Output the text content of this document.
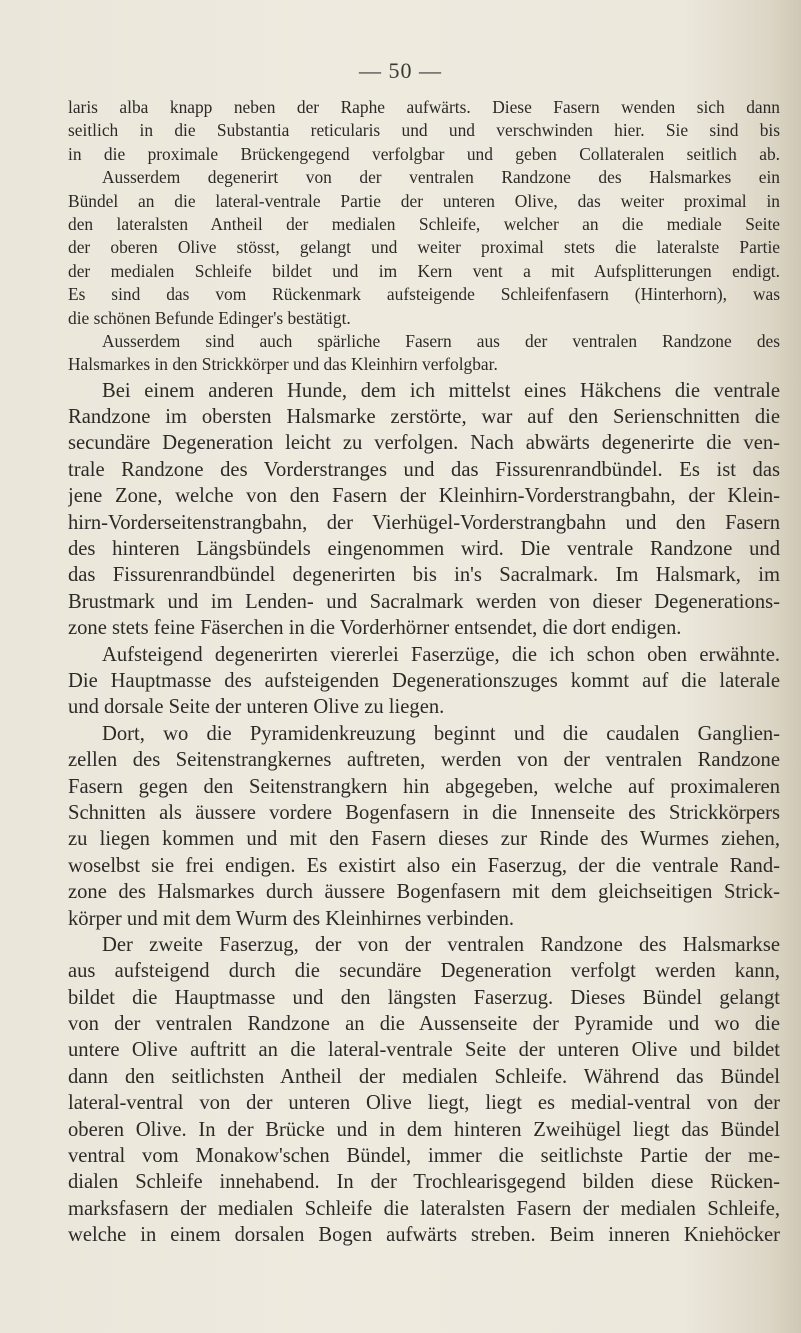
— 50 —
laris alba knapp neben der Raphe aufwärts. Diese Fasern wenden sich dann
seitlich in die Substantia reticularis und und verschwinden hier. Sie sind bis
in die proximale Brückengegend verfolgbar und geben Collateralen seitlich ab.
Ausserdem degenerirt von der ventralen Randzone des Halsmarkes ein
Bündel an die lateral-ventrale Partie der unteren Olive, das weiter proximal in
den lateralsten Antheil der medialen Schleife, welcher an die mediale Seite
der oberen Olive stösst, gelangt und weiter proximal stets die lateralste Partie
der medialen Schleife bildet und im Kern vent a mit Aufsplitterungen endigt.
Es sind das vom Rückenmark aufsteigende Schleifenfasern (Hinterhorn), was
die schönen Befunde Edinger's bestätigt.
Ausserdem sind auch spärliche Fasern aus der ventralen Randzone des
Halsmarkes in den Strickkörper und das Kleinhirn verfolgbar.
Bei einem anderen Hunde, dem ich mittelst eines Häkchens die ventrale
Randzone im obersten Halsmarke zerstörte, war auf den Serienschnitten die
secundäre Degeneration leicht zu verfolgen. Nach abwärts degenerirte die ven-
trale Randzone des Vorderstranges und das Fissurenrandbündel. Es ist das
jene Zone, welche von den Fasern der Kleinhirn-Vorderstrangbahn, der Klein-
hirn-Vorderseitenstrangbahn, der Vierhügel-Vorderstrangbahn und den Fasern
des hinteren Längsbündels eingenommen wird. Die ventrale Randzone und
das Fissurenrandbündel degenerirten bis in's Sacralmark. Im Halsmark, im
Brustmark und im Lenden- und Sacralmark werden von dieser Degenerations-
zone stets feine Fäserchen in die Vorderhörner entsendet, die dort endigen.
Aufsteigend degenerirten viererlei Faserzüge, die ich schon oben erwähnte.
Die Hauptmasse des aufsteigenden Degenerationszuges kommt auf die laterale
und dorsale Seite der unteren Olive zu liegen.
Dort, wo die Pyramidenkreuzung beginnt und die caudalen Ganglien-
zellen des Seitenstrangkernes auftreten, werden von der ventralen Randzone
Fasern gegen den Seitenstrangkern hin abgegeben, welche auf proximaleren
Schnitten als äussere vordere Bogenfasern in die Innenseite des Strickkörpers
zu liegen kommen und mit den Fasern dieses zur Rinde des Wurmes ziehen,
woselbst sie frei endigen. Es existirt also ein Faserzug, der die ventrale Rand-
zone des Halsmarkes durch äussere Bogenfasern mit dem gleichseitigen Strick-
körper und mit dem Wurm des Kleinhirnes verbinden.
Der zweite Faserzug, der von der ventralen Randzone des Halsmarkse
aus aufsteigend durch die secundäre Degeneration verfolgt werden kann,
bildet die Hauptmasse und den längsten Faserzug. Dieses Bündel gelangt
von der ventralen Randzone an die Aussenseite der Pyramide und wo die
untere Olive auftritt an die lateral-ventrale Seite der unteren Olive und bildet
dann den seitlichsten Antheil der medialen Schleife. Während das Bündel
lateral-ventral von der unteren Olive liegt, liegt es medial-ventral von der
oberen Olive. In der Brücke und in dem hinteren Zweihügel liegt das Bündel
ventral vom Monakow'schen Bündel, immer die seitlichste Partie der me-
dialen Schleife innehabend. In der Trochlearisgegend bilden diese Rücken-
marksfasern der medialen Schleife die lateralsten Fasern der medialen Schleife,
welche in einem dorsalen Bogen aufwärts streben. Beim inneren Kniehöcker
